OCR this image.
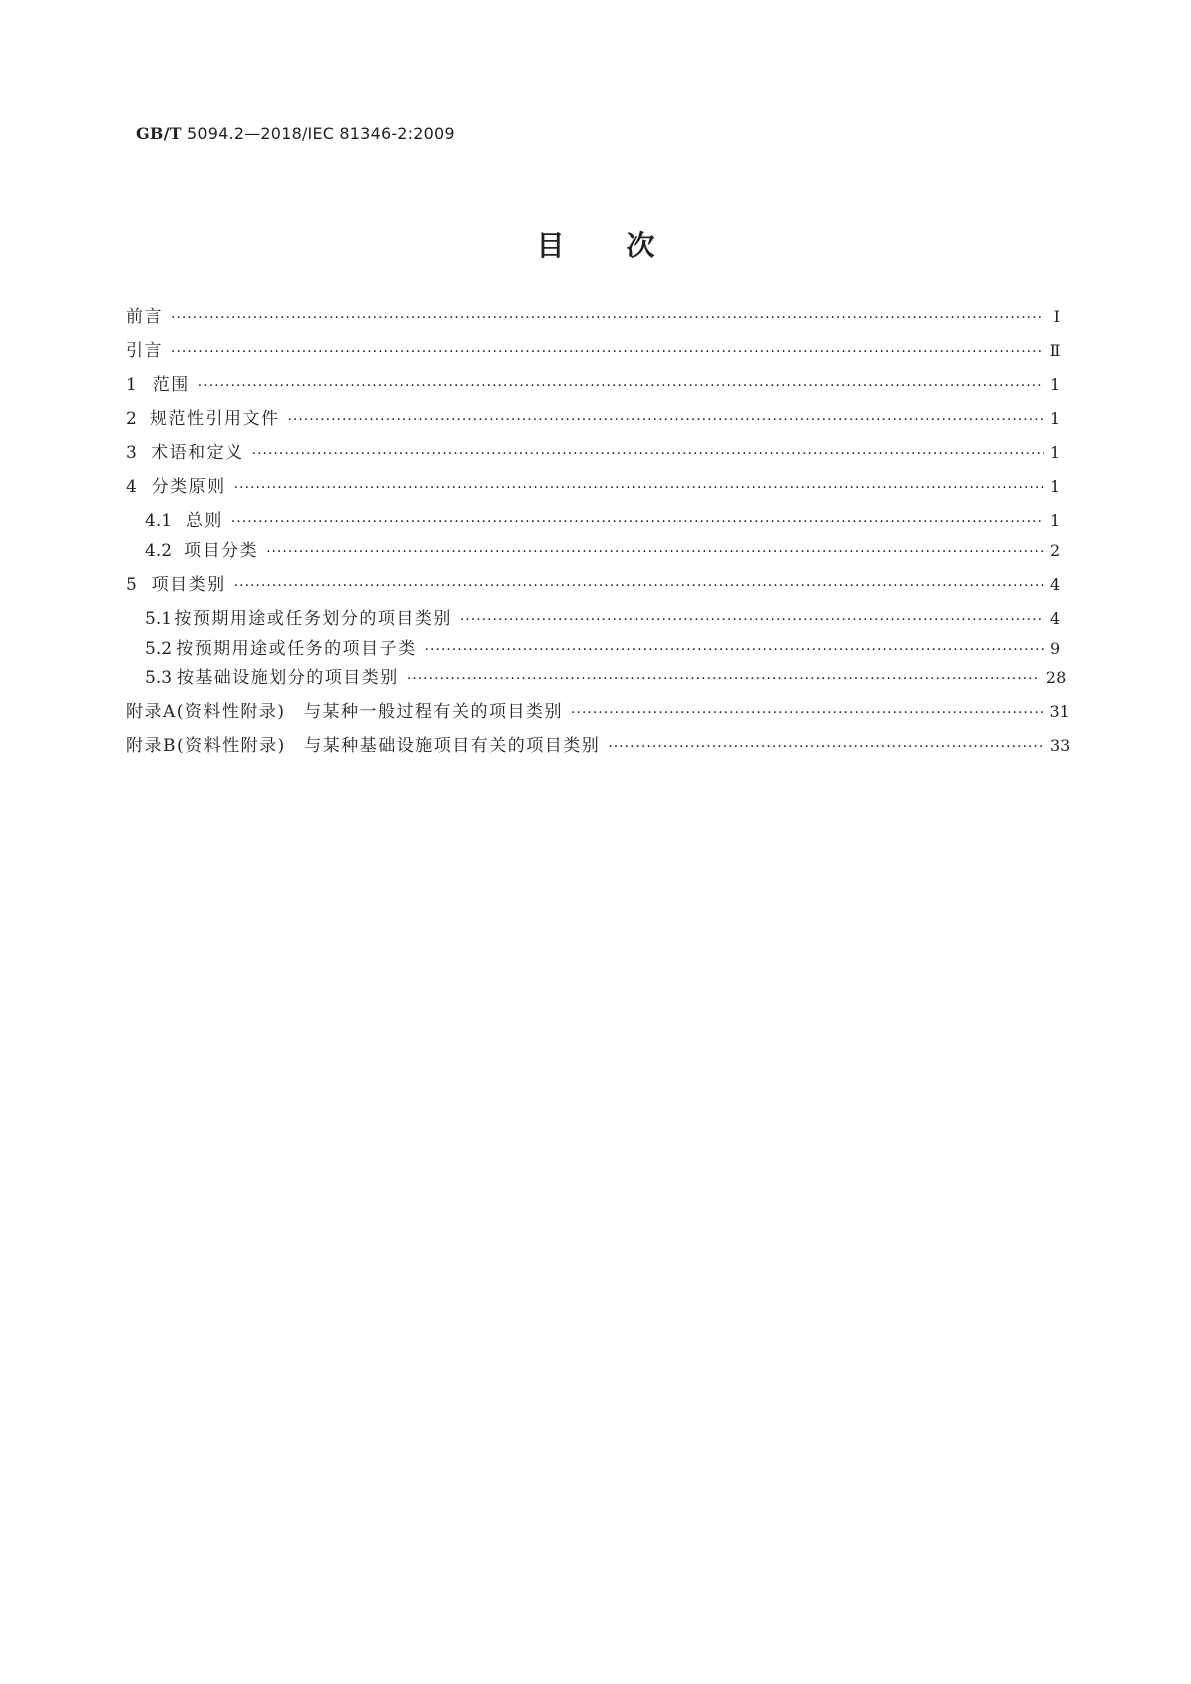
GB/T 5094.2—2018/IEC 81346-2:2009
目次
前言 ·····	Ⅰ
引言 ·····	Ⅱ
1 范围 ·····	1
2 规范性引用文件 ·····	1
3 术语和定义 ·····	1
4 分类原则 ·····	1
4.1 总则 ·····	1
4.2 项目分类 ·····	2
5 项目类别 ·····	4
5.1 按预期用途或任务划分的项目类别 ·····	4
5.2 按预期用途或任务的项目子类 ·····	9
5.3 按基础设施划分的项目类别 ·····	28
附录A(资料性附录)　与某种一般过程有关的项目类别 ·····	31
附录B(资料性附录)　与某种基础设施项目有关的项目类别 ·····	33
